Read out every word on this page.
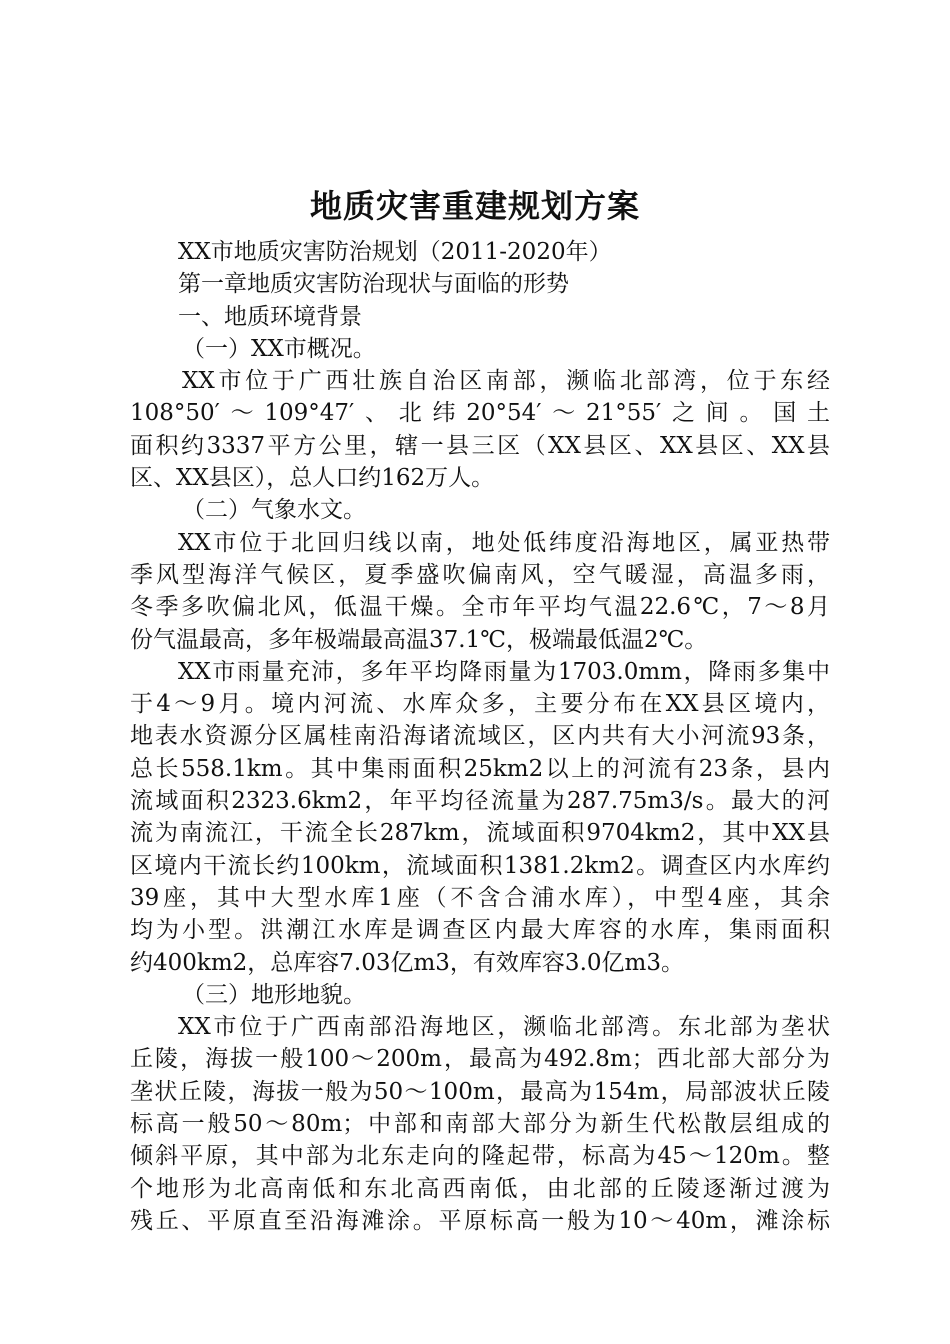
地质灾害重建规划方案

XX市地质灾害防治规划（2011-2020年）

第一章地质灾害防治现状与面临的形势

一、地质环境背景

（一）XX市概况。

XX市位于广西壮族自治区南部，濒临北部湾，位于东经

108°50′～109°47′、北纬20°54′～21°55′之间。国土

面积约3337平方公里，辖一县三区（XX县区、XX县区、XX县

区、XX县区），总人口约162万人。

（二）气象水文。

XX市位于北回归线以南，地处低纬度沿海地区，属亚热带

季风型海洋气候区，夏季盛吹偏南风，空气暖湿，高温多雨，

冬季多吹偏北风，低温干燥。全市年平均气温22.6℃，7～8月

份气温最高，多年极端最高温37.1℃，极端最低温2℃。

XX市雨量充沛，多年平均降雨量为1703.0mm，降雨多集中

于4～9月。境内河流、水库众多，主要分布在XX县区境内，

地表水资源分区属桂南沿海诸流域区，区内共有大小河流93条，

总长558.1km。其中集雨面积25km2以上的河流有23条，县内

流域面积2323.6km2，年平均径流量为287.75m3/s。最大的河

流为南流江，干流全长287km，流域面积9704km2，其中XX县

区境内干流长约100km，流域面积1381.2km2。调查区内水库约

39座，其中大型水库1座（不含合浦水库），中型4座，其余

均为小型。洪潮江水库是调查区内最大库容的水库，集雨面积

约400km2，总库容7.03亿m3，有效库容3.0亿m3。

（三）地形地貌。

XX市位于广西南部沿海地区，濒临北部湾。东北部为垄状

丘陵，海拔一般100～200m，最高为492.8m；西北部大部分为

垄状丘陵，海拔一般为50～100m，最高为154m，局部波状丘陵

标高一般50～80m；中部和南部大部分为新生代松散层组成的

倾斜平原，其中部为北东走向的隆起带，标高为45～120m。整

个地形为北高南低和东北高西南低，由北部的丘陵逐渐过渡为

残丘、平原直至沿海滩涂。平原标高一般为10～40m，滩涂标
